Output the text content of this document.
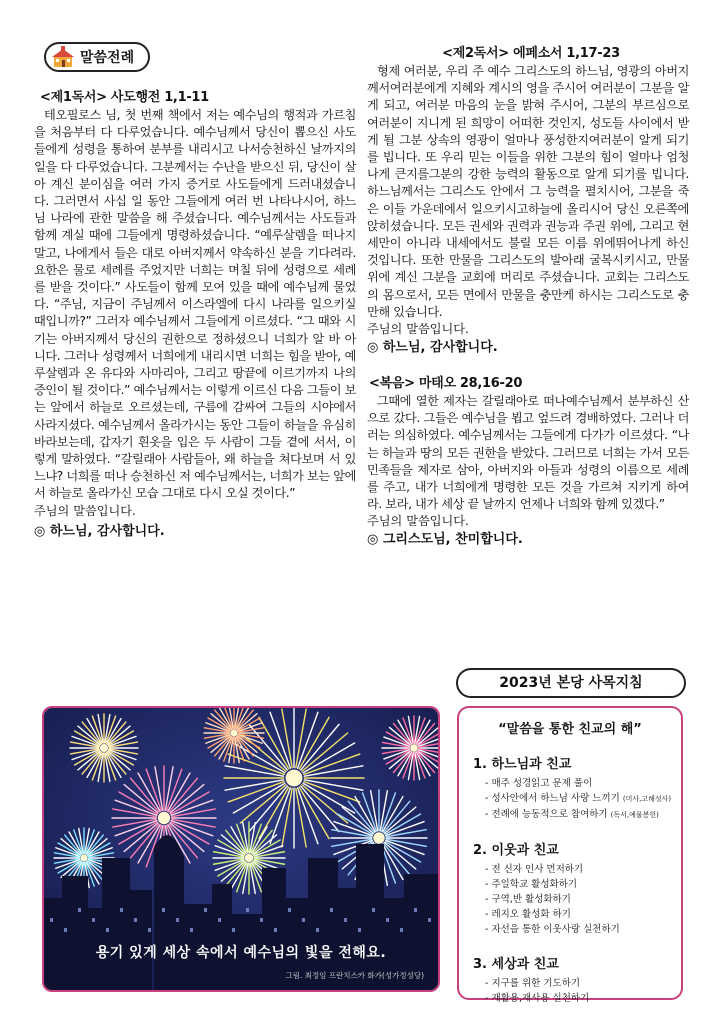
말씀전례
<제1독서> 사도행전 1,1-11

테오필로스 님, 첫 번째 책에서 저는 예수님의 행적과 가르침을 처음부터 다 다루었습니다. 예수님께서 당신이 뽑으신 사도들에게 성령을 통하여 분부를 내리시고 나서승천하신 날까지의 일을 다 다루었습니다. 그분께서는 수난을 받으신 뒤, 당신이 살아 계신 분이심을 여러 가지 증거로 사도들에게 드러내셨습니다. 그러면서 사십 일 동안 그들에게 여러 번 나타나시어, 하느님 나라에 관한 말씀을 해 주셨습니다. 예수님께서는 사도들과 함께 계실 때에 그들에게 명령하셨습니다. “예루살렘을 떠나지 말고, 나에게서 들은 대로 아버지께서 약속하신 분을 기다려라. 요한은 물로 세례를 주었지만 너희는 며칠 뒤에 성령으로 세례를 받을 것이다.” 사도들이 함께 모여 있을 때에 예수님께 물었다. “주님, 지금이 주님께서 이스라엘에 다시 나라를 일으키실 때입니까?” 그러자 예수님께서 그들에게 이르셨다. “그 때와 시기는 아버지께서 당신의 권한으로 정하셨으니 너희가 알 바 아니다. 그러나 성령께서 너희에게 내리시면 너희는 힘을 받아, 예루살렘과 온 유다와 사마리아, 그리고 땅끝에 이르기까지 나의 증인이 될 것이다.” 예수님께서는 이렇게 이르신 다음 그들이 보는 앞에서 하늘로 오르셨는데, 구름에 감싸여 그들의 시야에서 사라지셨다. 예수님께서 올라가시는 동안 그들이 하늘을 유심히 바라보는데, 갑자기 흰옷을 입은 두 사람이 그들 곁에 서서, 이렇게 말하였다. “갈릴래아 사람들아, 왜 하늘을 쳐다보며 서 있느냐? 너희를 떠나 승천하신 저 예수님께서는, 너희가 보는 앞에서 하늘로 올라가신 모습 그대로 다시 오실 것이다.”

주님의 말씀입니다.

◎ 하느님, 감사합니다.

<제2독서> 에페소서 1,17-23

형제 여러분, 우리 주 예수 그리스도의 하느님, 영광의 아버지께서여러분에게 지혜와 계시의 영을 주시어 여러분이 그분을 알게 되고, 여러분 마음의 눈을 밝혀 주시어, 그분의 부르심으로 여러분이 지니게 된 희망이 어떠한 것인지, 성도들 사이에서 받게 될 그분 상속의 영광이 얼마나 풍성한지여러분이 알게 되기를 빕니다. 또 우리 믿는 이들을 위한 그분의 힘이 얼마나 엄청나게 큰지를그분의 강한 능력의 활동으로 알게 되기를 빕니다. 하느님께서는 그리스도 안에서 그 능력을 펼치시어, 그분을 죽은 이들 가운데에서 일으키시고하늘에 올리시어 당신 오른쪽에 앉히셨습니다. 모든 권세와 권력과 권능과 주권 위에, 그리고 현세만이 아니라 내세에서도 불릴 모든 이름 위에뛰어나게 하신 것입니다. 또한 만물을 그리스도의 발아래 굴복시키시고, 만물위에 계신 그분을 교회에 머리로 주셨습니다. 교회는 그리스도의 몸으로서, 모든 면에서 만물을 충만케 하시는 그리스도로 충만해 있습니다.

주님의 말씀입니다.

◎ 하느님, 감사합니다.

<복음> 마태오 28,16-20

그때에 열한 제자는 갈릴래아로 떠나예수님께서 분부하신 산으로 갔다. 그들은 예수님을 뵙고 엎드려 경배하였다. 그러나 더러는 의심하였다. 예수님께서는 그들에게 다가가 이르셨다. “나는 하늘과 땅의 모든 권한을 받았다. 그러므로 너희는 가서 모든 민족들을 제자로 삼아, 아버지와 아들과 성령의 이름으로 세례를 주고, 내가 너희에게 명령한 모든 것을 가르쳐 지키게 하여라. 보라, 내가 세상 끝 날까지 언제나 너희와 함께 있겠다.”

주님의 말씀입니다.

◎ 그리스도님, 찬미합니다.

용기 있게 세상 속에서 예수님의 빛을 전해요.
그림. 최정임 프란치스카 화가(성가정성당)
2023년 본당 사목지침
“말씀을 통한 친교의 해”
1. 하느님과 친교
- 매주 성경읽고 문제 풀이
- 성사안에서 하느님 사랑 느끼기 (미사,고해성사)
- 전례에 능동적으로 참여하기 (독서,예물봉헌)
2. 이웃과 친교
- 전 신자 인사 먼저하기
- 주일학교 활성화하기
- 구역,반 활성화하기
- 레지오 활성화 하기
- 자선을 통한 이웃사랑 실천하기
3. 세상과 친교
- 지구를 위한 기도하기
- 재활용,재사용 실천하기
